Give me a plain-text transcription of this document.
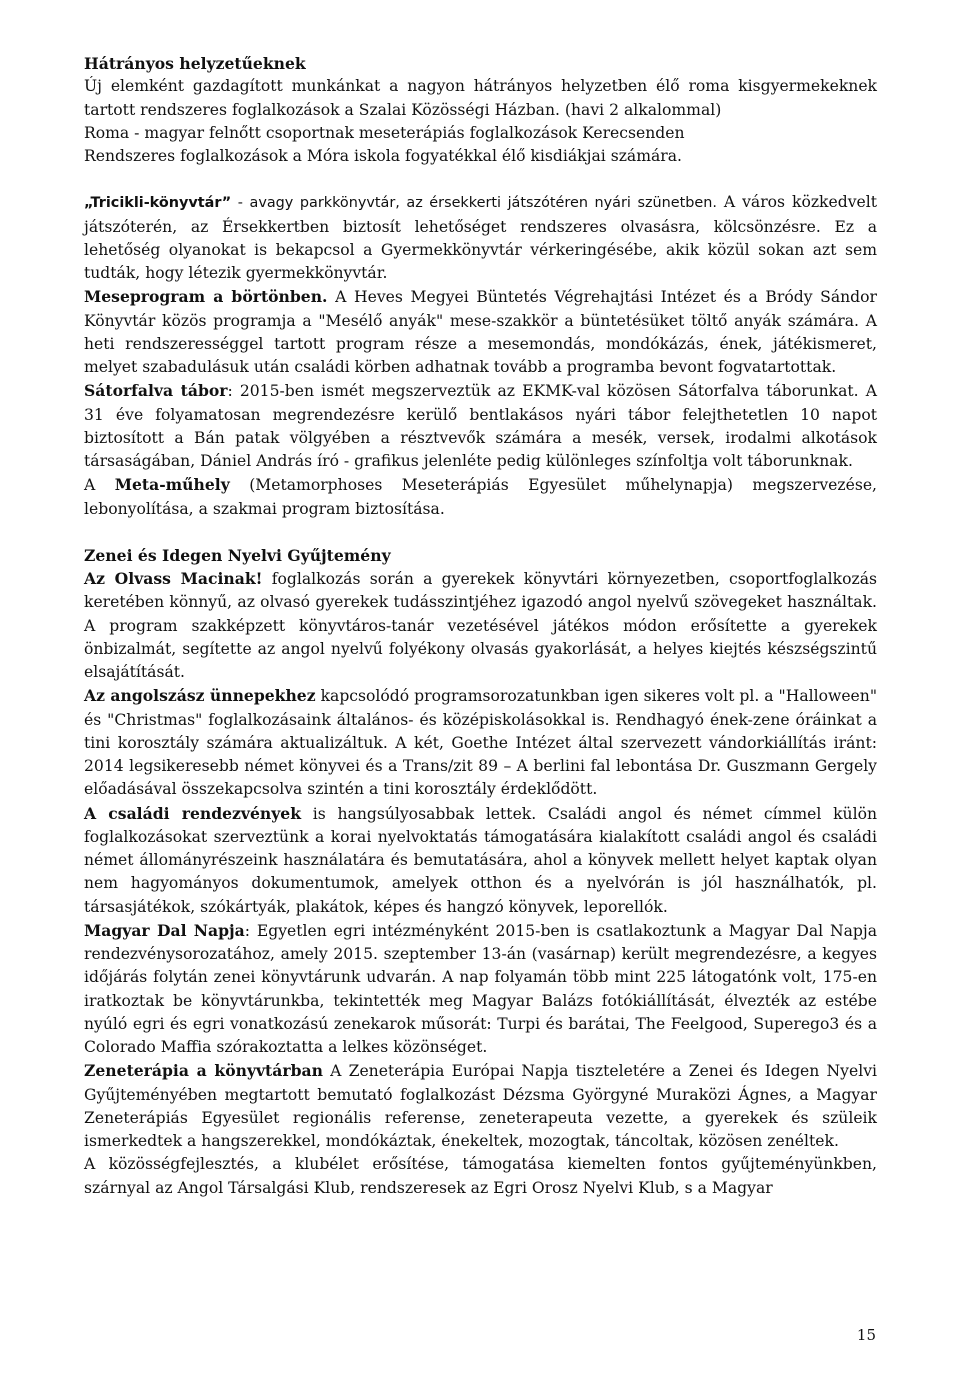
Hátrányos helyzetűeknek

Új elemként gazdagított munkánkat a nagyon hátrányos helyzetben élő roma kisgyermekeknek tartott rendszeres foglalkozások a Szalai Közösségi Házban. (havi 2 alkalommal)

Roma - magyar felnőtt csoportnak meseterápiás foglalkozások Kerecsenden

Rendszeres foglalkozások a Móra iskola fogyatékkal élő kisdiákjai számára.

„Tricikli-könyvtár” - avagy parkkönyvtár, az érsekkerti játszótéren nyári szünetben. A város közkedvelt játszóterén, az Érsekkertben biztosít lehetőséget rendszeres olvasásra, kölcsönzésre. Ez a lehetőség olyanokat is bekapcsol a Gyermekkönyvtár vérkeringésébe, akik közül sokan azt sem tudták, hogy létezik gyermekkönyvtár.

Meseprogram a börtönben. A Heves Megyei Büntetés Végrehajtási Intézet és a Bródy Sándor Könyvtár közös programja a "Mesélő anyák" mese-szakkör a büntetésüket töltő anyák számára. A heti rendszerességgel tartott program része a mesemondás, mondókázás, ének, játékismeret, melyet szabadulásuk után családi körben adhatnak tovább a programba bevont fogvatartottak.

Sátorfalva tábor: 2015-ben ismét megszerveztük az EKMK-val közösen Sátorfalva táborunkat. A 31 éve folyamatosan megrendezésre kerülő bentlakásos nyári tábor felejthetetlen 10 napot biztosított a Bán patak völgyében a résztvevők számára a mesék, versek, irodalmi alkotások társaságában, Dániel András író - grafikus jelenléte pedig különleges színfoltja volt táborunknak.

A Meta-műhely (Metamorphoses Meseterápiás Egyesület műhelynapja) megszervezése, lebonyolítása, a szakmai program biztosítása.

Zenei és Idegen Nyelvi Gyűjtemény

Az Olvass Macinak! foglalkozás során a gyerekek könyvtári környezetben, csoportfoglalkozás keretében könnyű, az olvasó gyerekek tudásszintjéhez igazodó angol nyelvű szövegeket használtak. A program szakképzett könyvtáros-tanár vezetésével játékos módon erősítette a gyerekek önbizalmát, segítette az angol nyelvű folyékony olvasás gyakorlását, a helyes kiejtés készségszintű elsajátítását.

Az angolszász ünnepekhez kapcsolódó programsorozatunkban igen sikeres volt pl. a "Halloween" és "Christmas" foglalkozásaink általános- és középiskolásokkal is. Rendhagyó ének-zene óráinkat a tini korosztály számára aktualizáltuk. A két, Goethe Intézet által szervezett vándorkiállítás iránt: 2014 legsikeresebb német könyvei és a Trans/zit 89 – A berlini fal lebontása Dr. Guszmann Gergely előadásával összekapcsolva szintén a tini korosztály érdeklődött.

A családi rendezvények is hangsúlyosabbak lettek. Családi angol és német címmel külön foglalkozásokat szerveztünk a korai nyelvoktatás támogatására kialakított családi angol és családi német állományrészeink használatára és bemutatására, ahol a könyvek mellett helyet kaptak olyan nem hagyományos dokumentumok, amelyek otthon és a nyelvórán is jól használhatók, pl. társasjátékok, szókártyák, plakátok, képes és hangzó könyvek, leporellók.

Magyar Dal Napja: Egyetlen egri intézményként 2015-ben is csatlakoztunk a Magyar Dal Napja rendezvénysorozatához, amely 2015. szeptember 13-án (vasárnap) került megrendezésre, a kegyes időjárás folytán zenei könyvtárunk udvarán. A nap folyamán több mint 225 látogatónk volt, 175-en iratkoztak be könyvtárunkba, tekintették meg Magyar Balázs fotókiállítását, élvezték az estébe nyúló egri és egri vonatkozású zenekarok műsorát: Turpi és barátai, The Feelgood, Superego3 és a Colorado Maffia szórakoztatta a lelkes közönséget.

Zeneterápia a könyvtárban A Zeneterápia Európai Napja tiszteletére a Zenei és Idegen Nyelvi Gyűjteményében megtartott bemutató foglalkozást Dézsma Györgyné Muraközi Ágnes, a Magyar Zeneterápiás Egyesület regionális referense, zeneterapeuta vezette, a gyerekek és szüleik ismerkedtek a hangszerekkel, mondókáztak, énekeltek, mozogtak, táncoltak, közösen zenéltek.

A közösségfejlesztés, a klubélet erősítése, támogatása kiemelten fontos gyűjteményünkben, szárnyal az Angol Társalgási Klub, rendszeresek az Egri Orosz Nyelvi Klub, s a Magyar

15
